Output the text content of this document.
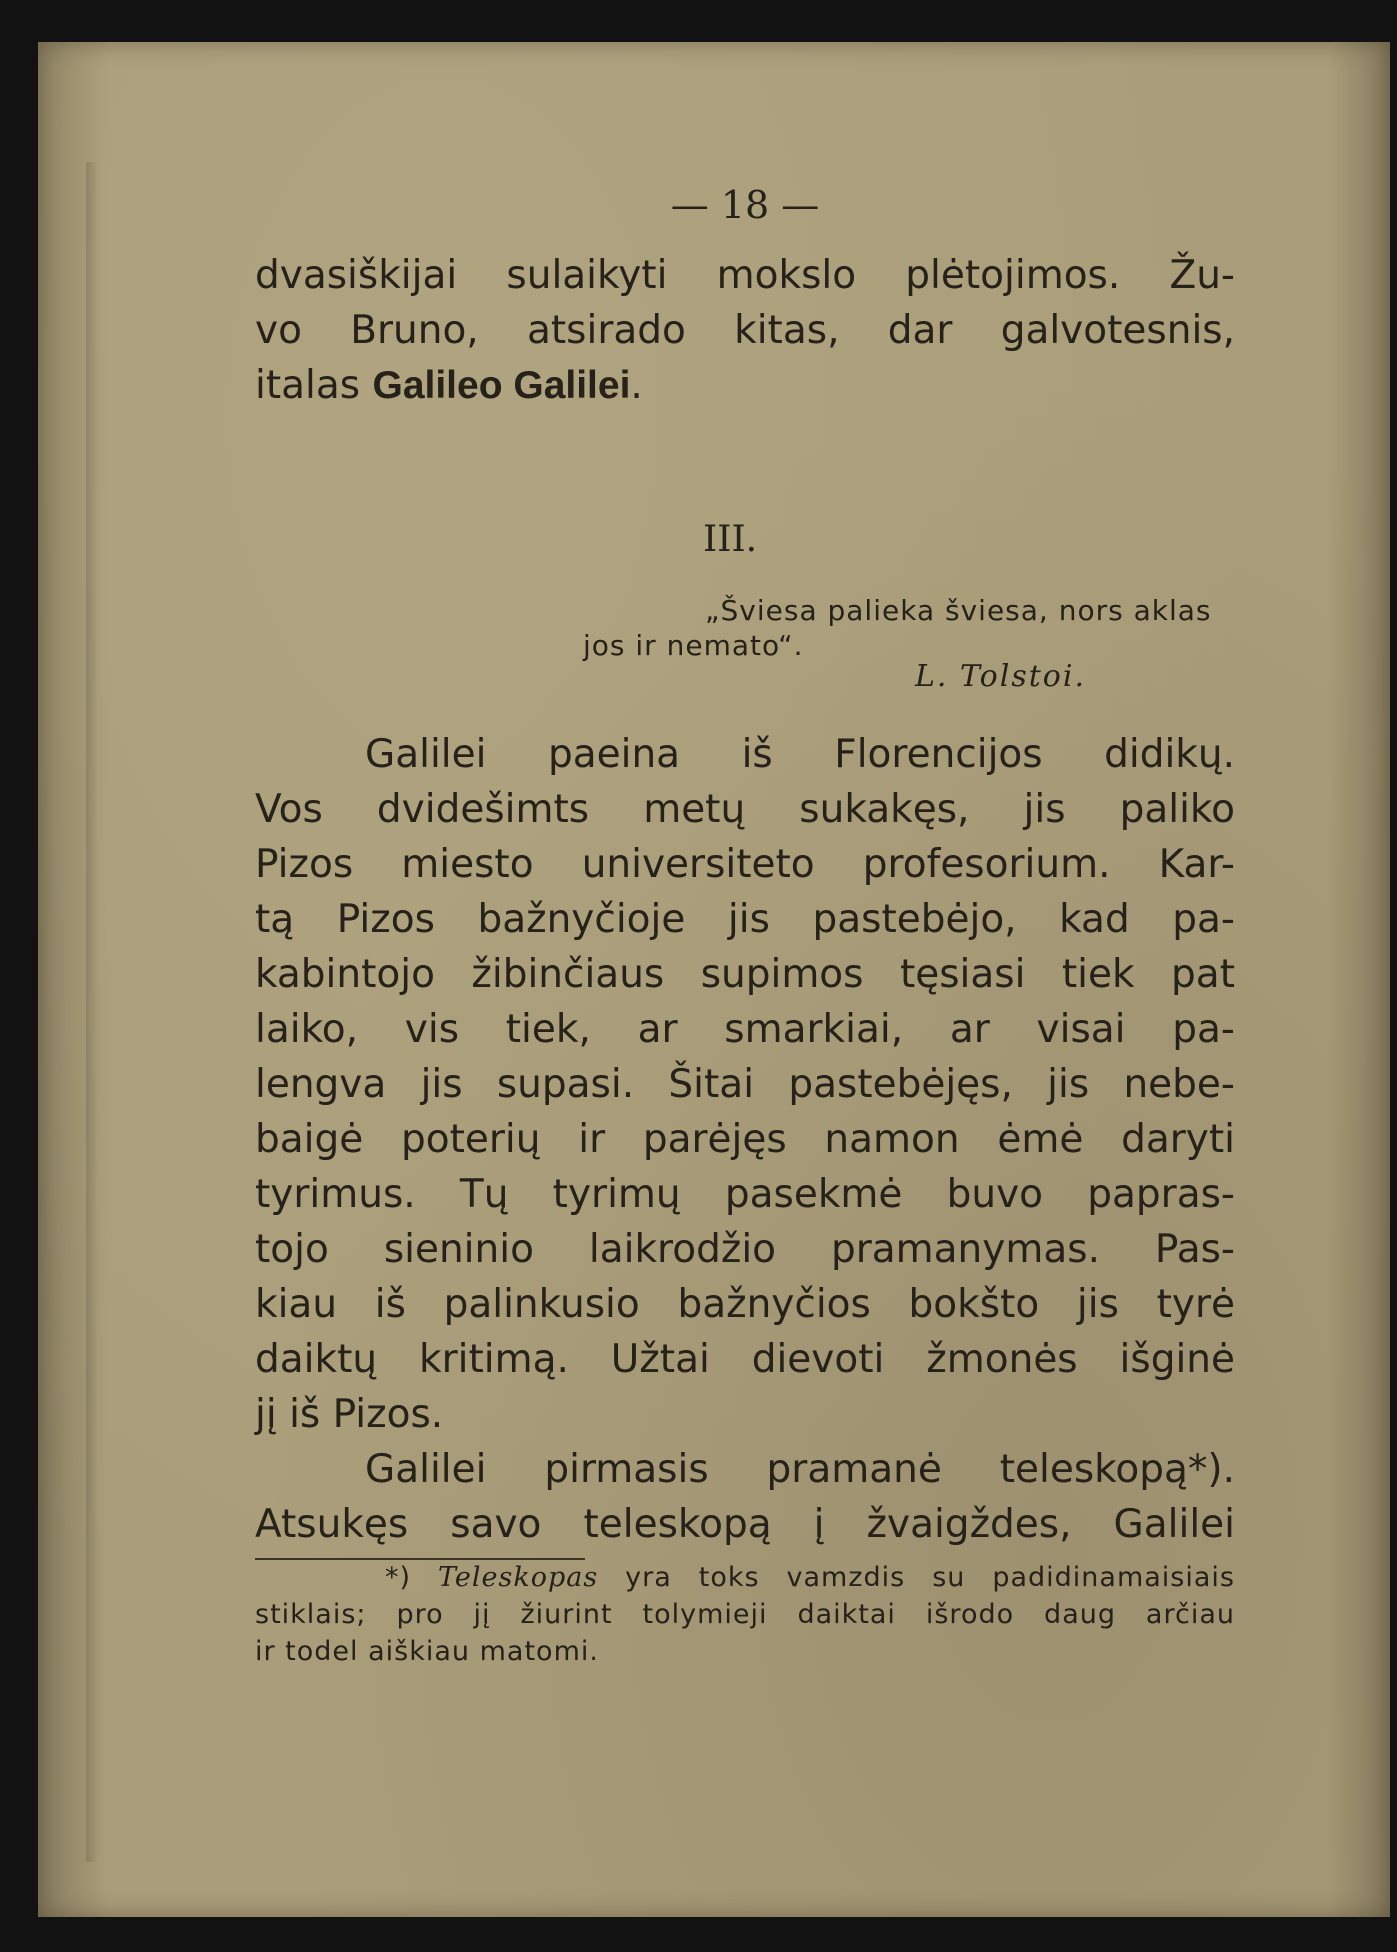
— 18 —
dvasiškijai sulaikyti mokslo plėtojimos. Žu-
vo Bruno, atsirado kitas, dar galvotesnis,
italas Galileo Galilei.
III.
„Šviesa palieka šviesa, nors aklas
jos ir nemato“.
L. Tolstoi.
Galilei paeina iš Florencijos didikų.
Vos dvidešimts metų sukakęs, jis paliko
Pizos miesto universiteto profesorium. Kar-
tą Pizos bažnyčioje jis pastebėjo, kad pa-
kabintojo žibinčiaus supimos tęsiasi tiek pat
laiko, vis tiek, ar smarkiai, ar visai pa-
lengva jis supasi. Šitai pastebėjęs, jis nebe-
baigė poterių ir parėjęs namon ėmė daryti
tyrimus. Tų tyrimų pasekmė buvo papras-
tojo sieninio laikrodžio pramanymas. Pas-
kiau iš palinkusio bažnyčios bokšto jis tyrė
daiktų kritimą. Užtai dievoti žmonės išginė
jį iš Pizos.
Galilei pirmasis pramanė teleskopą*).
Atsukęs savo teleskopą į žvaigždes, Galilei
*) Teleskopas yra toks vamzdis su padidinamaisiais
stiklais; pro jį žiurint tolymieji daiktai išrodo daug arčiau
ir todel aiškiau matomi.
